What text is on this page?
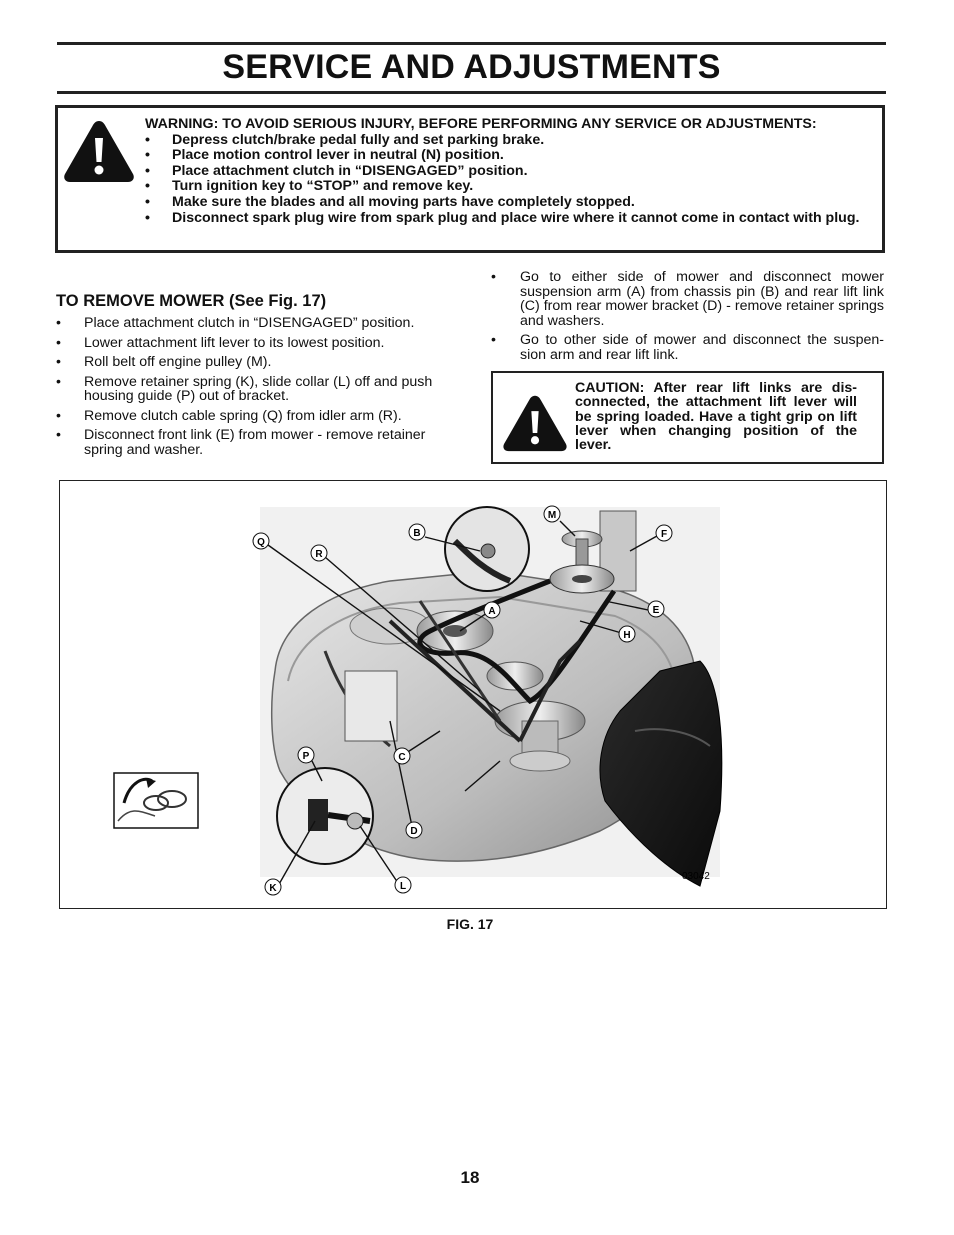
SERVICE AND ADJUSTMENTS
WARNING: TO AVOID SERIOUS INJURY, BEFORE PERFORMING ANY SERVICE OR ADJUSTMENTS:
• Depress clutch/brake pedal fully and set parking brake.
• Place motion control lever in neutral (N) position.
• Place attachment clutch in “DISENGAGED” position.
• Turn ignition key to “STOP” and remove key.
• Make sure the blades and all moving parts have completely stopped.
• Disconnect spark plug wire from spark plug and place wire where it cannot come in contact with plug.
TO REMOVE MOWER (See Fig. 17)
• Place attachment clutch in “DISENGAGED” position.
• Lower attachment lift lever to its lowest position.
• Roll belt off engine pulley (M).
• Remove retainer spring (K), slide collar (L) off and push housing guide (P) out of bracket.
• Remove clutch cable spring (Q) from idler arm (R).
• Disconnect front link (E) from mower - remove retainer spring and washer.
• Go to either side of mower and disconnect mower suspension arm (A) from chassis pin (B) and rear lift link (C) from rear mower bracket (D) - remove retainer springs and washers.
• Go to other side of mower and disconnect the suspen-sion arm and rear lift link.
CAUTION: After rear lift links are dis-connected, the attachment lift lever will be spring loaded. Have a tight grip on lift lever when changing position of the lever.
Q
R
B
M
F
A	E
H
P	C
D
K	L
03042
FIG. 17
18
